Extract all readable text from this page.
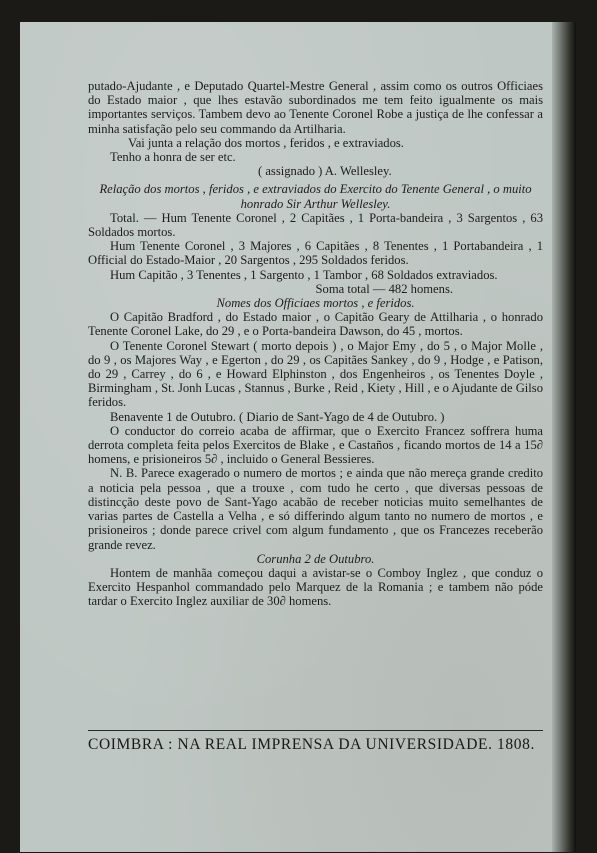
putado-Ajudante , e Deputado Quartel-Mestre General , assim como os outros Officiaes do Estado maior , que lhes estavão subordinados me tem feito igualmente os mais importantes serviços. Tambem devo ao Tenente Coronel Robe a justiça de lhe confessar a minha satisfação pelo seu commando da Artilharia.

Vai junta a relação dos mortos , feridos , e extraviados.

Tenho a honra de ser etc.

( assignado ) A. Wellesley.

Relação dos mortos , feridos , e extraviados do Exercito do Tenente General , o muito honrado Sir Arthur Wellesley.

Total. — Hum Tenente Coronel , 2 Capitães , 1 Porta-bandeira , 3 Sargentos , 63 Soldados mortos.

Hum Tenente Coronel , 3 Majores , 6 Capitães , 8 Tenentes , 1 Portabandeira , 1 Official do Estado-Maior , 20 Sargentos , 295 Soldados feridos.

Hum Capitão , 3 Tenentes , 1 Sargento , 1 Tambor , 68 Soldados extraviados.

Soma total — 482 homens.

Nomes dos Officiaes mortos , e feridos.

O Capitão Bradford , do Estado maior , o Capitão Geary de Attilharia , o honrado Tenente Coronel Lake, do 29 , e o Porta-bandeira Dawson, do 45 , mortos.

O Tenente Coronel Stewart ( morto depois ) , o Major Emy , do 5 , o Major Molle , do 9 , os Majores Way , e Egerton , do 29 , os Capitães Sankey , do 9 , Hodge , e Patison, do 29 , Carrey , do 6 , e Howard Elphinston , dos Engenheiros , os Tenentes Doyle , Birmingham , St. Jonh Lucas , Stannus , Burke , Reid , Kiety , Hill , e o Ajudante de Gilso feridos.

Benavente 1 de Outubro. ( Diario de Sant-Yago de 4 de Outubro. )

O conductor do correio acaba de affirmar, que o Exercito Francez soffrera huma derrota completa feita pelos Exercitos de Blake , e Castaños , ficando mortos de 14 a 15∂ homens, e prisioneiros 5∂ , incluido o General Bessieres.

N. B. Parece exagerado o numero de mortos ; e ainda que não mereça grande credito a noticia pela pessoa , que a trouxe , com tudo he certo , que diversas pessoas de distincção deste povo de Sant-Yago acabão de receber noticias muito semelhantes de varias partes de Castella a Velha , e só differindo algum tanto no numero de mortos , e prisioneiros ; donde parece crivel com algum fundamento , que os Francezes receberão grande revez.

Corunha 2 de Outubro.

Hontem de manhãa começou daqui a avistar-se o Comboy Inglez , que conduz o Exercito Hespanhol commandado pelo Marquez de la Romania ; e tambem não póde tardar o Exercito Inglez auxiliar de 30∂ homens.

COIMBRA : NA REAL IMPRENSA DA UNIVERSIDADE. 1808.
